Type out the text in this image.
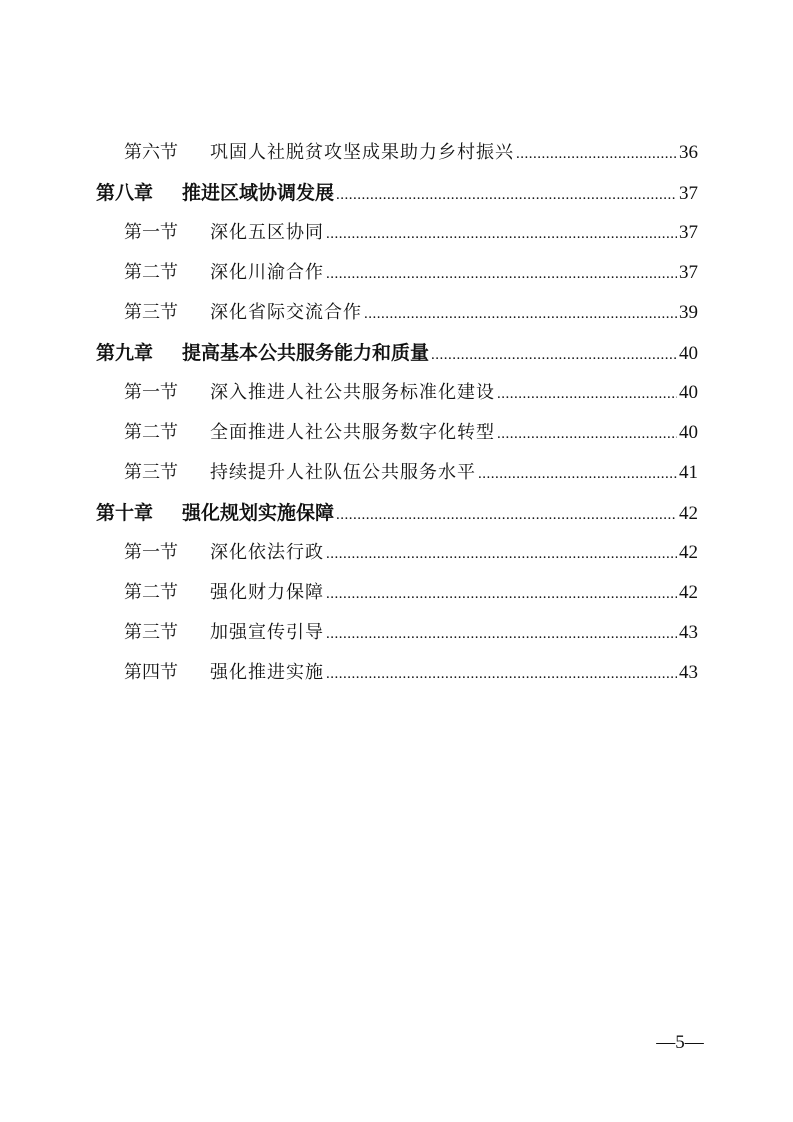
第六节	巩固人社脱贫攻坚成果助力乡村振兴 .....	36
第八章	推进区域协调发展 .....	37
第一节	深化五区协同 .....	37
第二节	深化川渝合作 .....	37
第三节	深化省际交流合作 .....	39
第九章	提高基本公共服务能力和质量 .....	40
第一节	深入推进人社公共服务标准化建设 .....	40
第二节	全面推进人社公共服务数字化转型 .....	40
第三节	持续提升人社队伍公共服务水平 .....	41
第十章	强化规划实施保障 .....	42
第一节	深化依法行政 .....	42
第二节	强化财力保障 .....	42
第三节	加强宣传引导 .....	43
第四节	强化推进实施 .....	43
—5—
